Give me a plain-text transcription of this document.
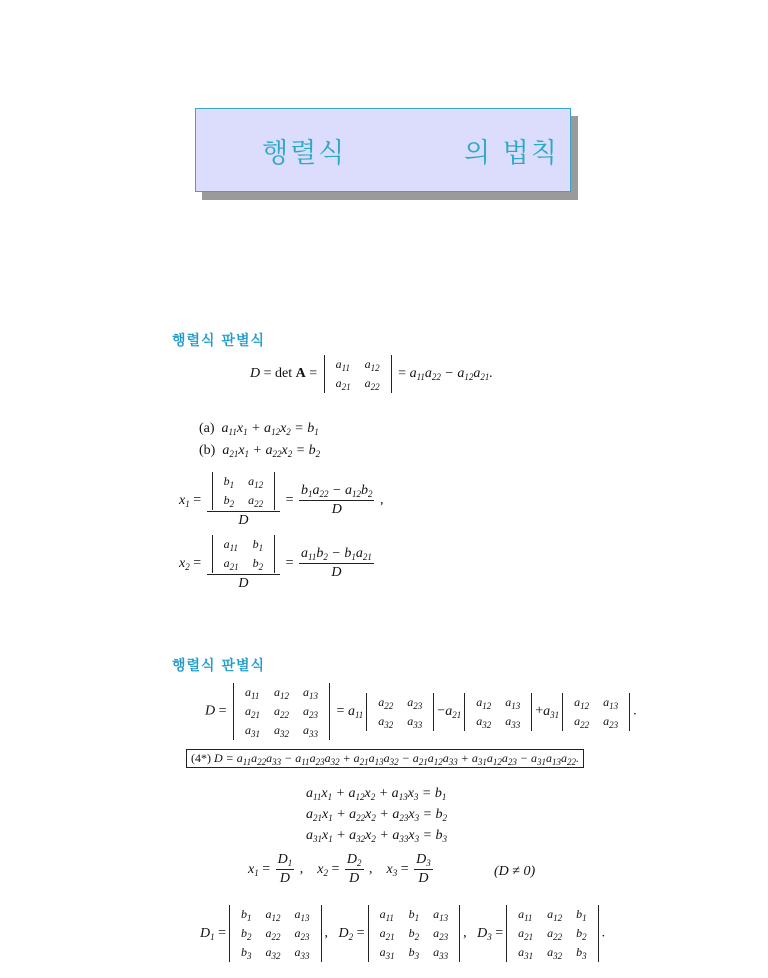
행렬식	의 법칙
행렬식 판별식
D = det A =
$a_{11}$	$a_{12}$
$a_{21}$	$a_{22}$
= $a_{11}a_{22} - a_{12}a_{21}$.
(a) $a_{11}x_1 + a_{12}x_2 = b_1$
(b) $a_{21}x_1 + a_{22}x_2 = b_2$
$x_1 = b_1$	$a_{12}$
$b_2$	$a_{22}$
$D = \frac{b_1a_{22} - a_{12}b_2}{D}$ ,
$x_2 = a_{11}$	$b_1$
$a_{21}$	$b_2$
$D = \frac{a_{11}b_2 - b_1a_{21}}{D}$
행렬식 판별식
D =
$a_{11}$	$a_{12}$	$a_{13}$
$a_{21}$	$a_{22}$	$a_{23}$
$a_{31}$	$a_{32}$	$a_{33}$
= $a_{11}$
$a_{22}$	$a_{23}$
$a_{32}$	$a_{33}$
$-a_{21}$
$a_{12}$	$a_{13}$
$a_{32}$	$a_{33}$
$+a_{31}$
$a_{12}$	$a_{13}$
$a_{22}$	$a_{23}$
.
(4*) $D = a_{11}a_{22}a_{33} - a_{11}a_{23}a_{32} + a_{21}a_{13}a_{32} - a_{21}a_{12}a_{33} + a_{31}a_{12}a_{23} - a_{31}a_{13}a_{22}$.
$a_{11}x_1 + a_{12}x_2 + a_{13}x_3 = b_1$
$a_{21}x_1 + a_{22}x_2 + a_{23}x_3 = b_2$
$a_{31}x_1 + a_{32}x_2 + a_{33}x_3 = b_3$
$x_1 = \frac{D_1}{D}$ ,    $x_2 = \frac{D_2}{D}$ ,    $x_3 = \frac{D_3}{D}$	(D ≠ 0)
$D_1$ =
$b_1$	$a_{12}$	$a_{13}$
$b_2$	$a_{22}$	$a_{23}$
$b_3$	$a_{32}$	$a_{33}$
,   $D_2$ =
$a_{11}$	$b_1$	$a_{13}$
$a_{21}$	$b_2$	$a_{23}$
$a_{31}$	$b_3$	$a_{33}$
,   $D_3$ =
$a_{11}$	$a_{12}$	$b_1$
$a_{21}$	$a_{22}$	$b_2$
$a_{31}$	$a_{32}$	$b_3$
.
